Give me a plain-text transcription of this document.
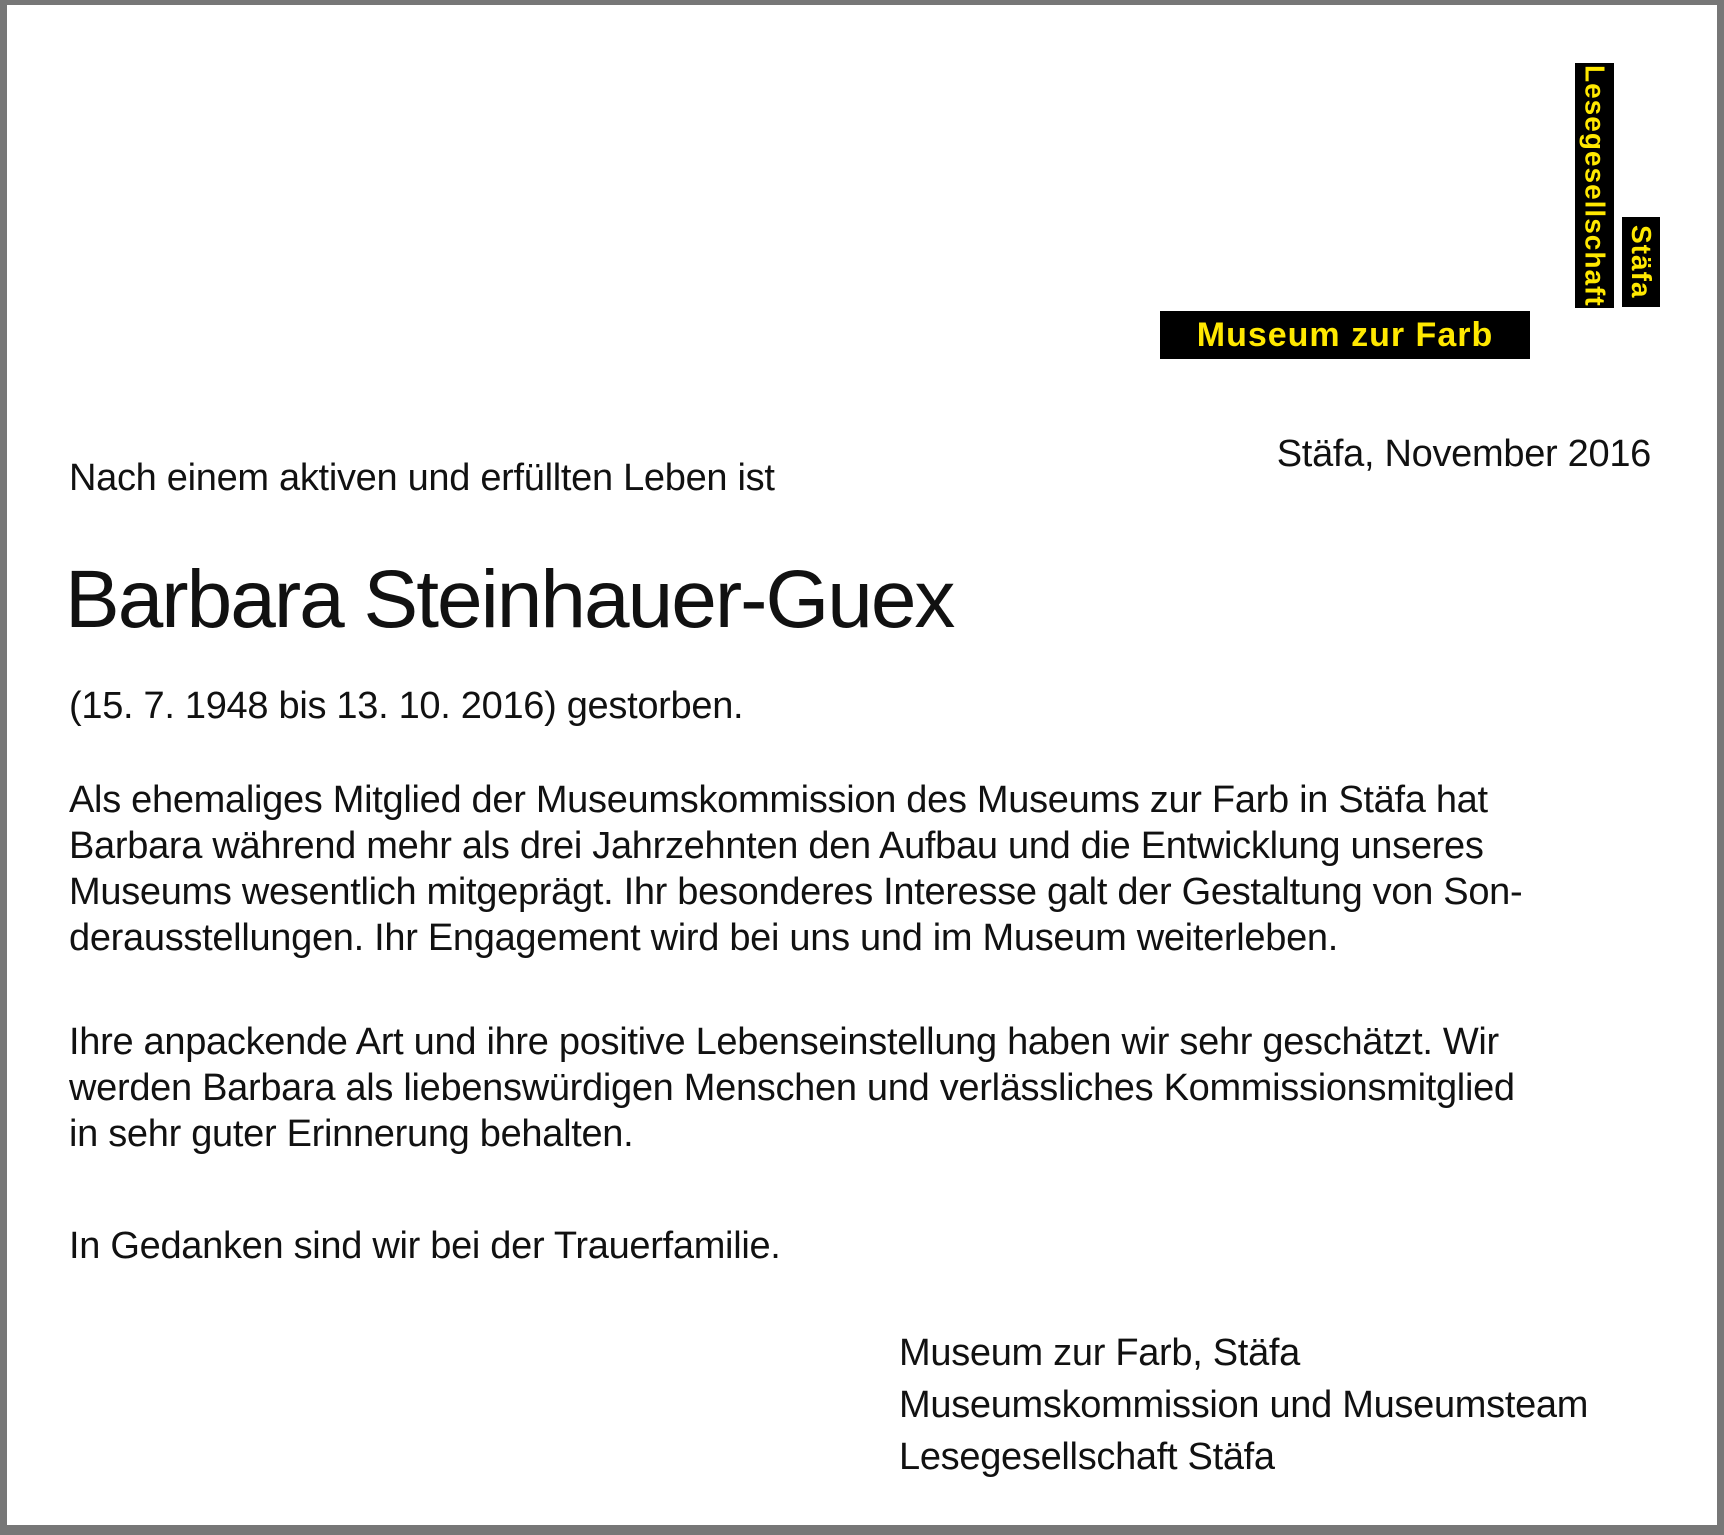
Lesegesellschaft Stäfa
Museum zur Farb
Stäfa, November 2016
Nach einem aktiven und erfüllten Leben ist
Barbara Steinhauer-Guex
(15. 7. 1948 bis 13. 10. 2016) gestorben.
Als ehemaliges Mitglied der Museumskommission des Museums zur Farb in Stäfa hat
Barbara während mehr als drei Jahrzehnten den Aufbau und die Entwicklung unseres
Museums wesentlich mitgeprägt. Ihr besonderes Interesse galt der Gestaltung von Son-
derausstellungen. Ihr Engagement wird bei uns und im Museum weiterleben.
Ihre anpackende Art und ihre positive Lebenseinstellung haben wir sehr geschätzt. Wir
werden Barbara als liebenswürdigen Menschen und verlässliches Kommissionsmitglied
in sehr guter Erinnerung behalten.
In Gedanken sind wir bei der Trauerfamilie.
Museum zur Farb, Stäfa
Museumskommission und Museumsteam
Lesegesellschaft Stäfa
